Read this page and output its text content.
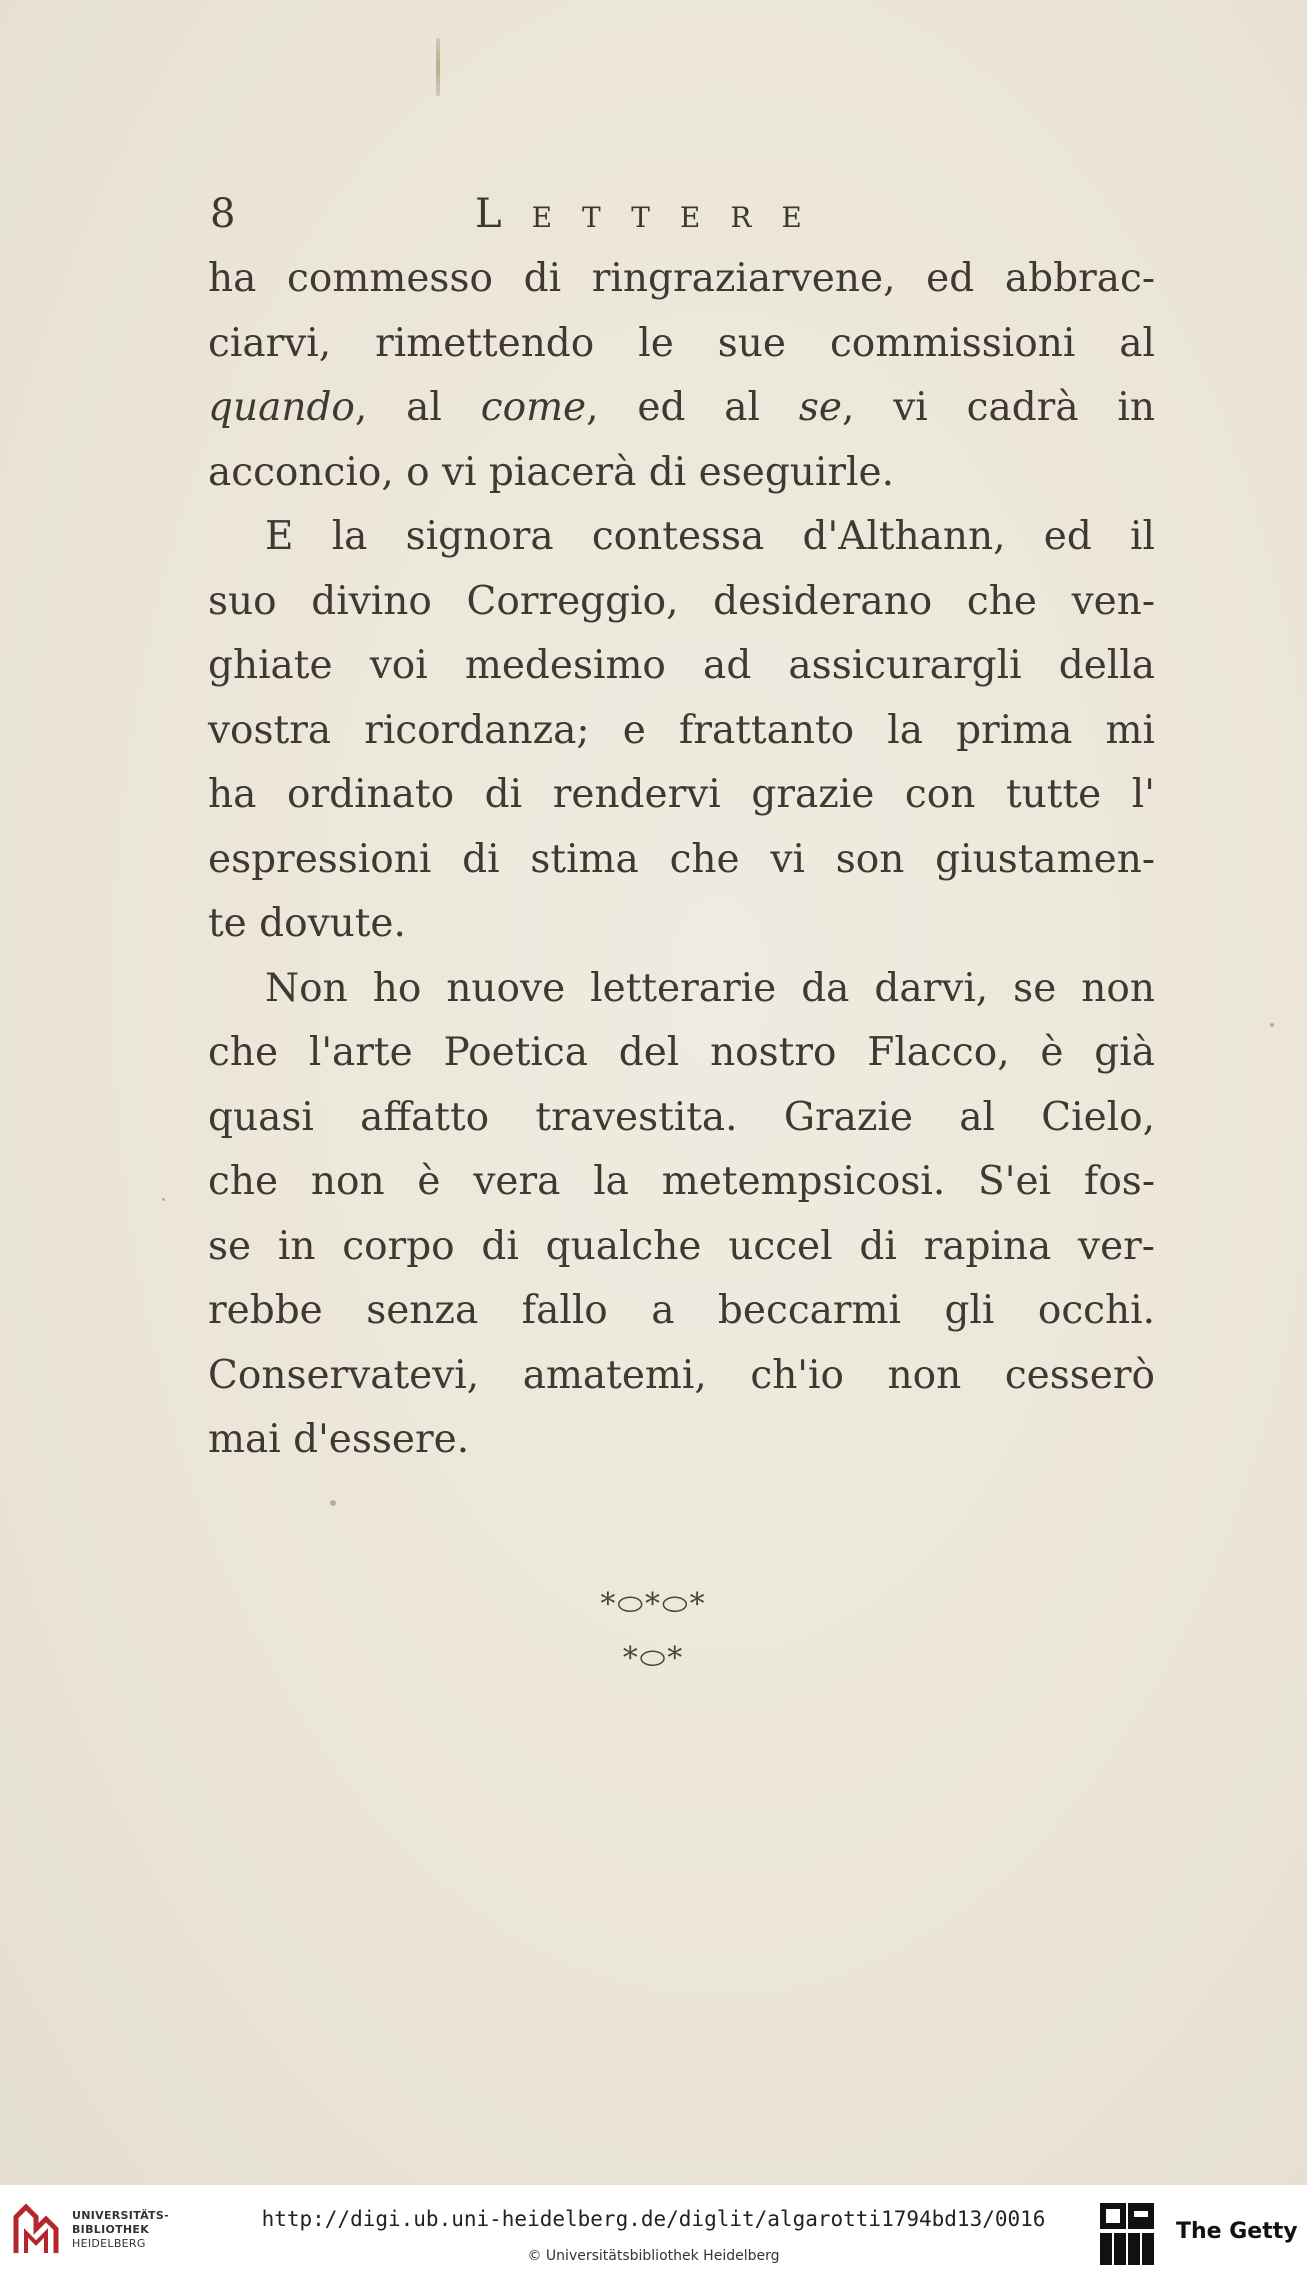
8	Lettere
ha commesso di ringraziarvene, ed abbrac-
ciarvi, rimettendo le sue commissioni al
quando, al come, ed al se, vi cadrà in
acconcio, o vi piacerà di eseguirle.
E la signora contessa d'Althann, ed il
suo divino Correggio, desiderano che ven-
ghiate voi medesimo ad assicurargli della
vostra ricordanza; e frattanto la prima mi
ha ordinato di rendervi grazie con tutte l'
espressioni di stima che vi son giustamen-
te dovute.
Non ho nuove letterarie da darvi, se non
che l'arte Poetica del nostro Flacco, è già
quasi affatto travestita. Grazie al Cielo,
che non è vera la metempsicosi. S'ei fos-
se in corpo di qualche uccel di rapina ver-
rebbe senza fallo a beccarmi gli occhi.
Conservatevi, amatemi, ch'io non cesserò
mai d'essere.
*⬭*⬭*
*⬭*
UNIVERSITÄTS-
BIBLIOTHEK
HEIDELBERG
http://digi.ub.uni-heidelberg.de/diglit/algarotti1794bd13/0016
© Universitätsbibliothek Heidelberg
The Getty
